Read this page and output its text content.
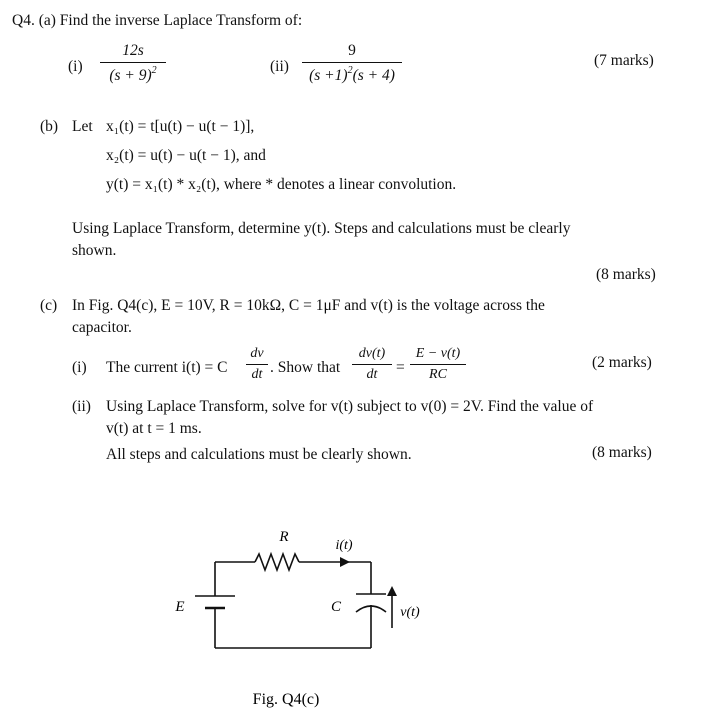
Q4. (a) Find the inverse Laplace Transform of:
(i)
12s
$(s + 9)^2$	(ii)
9
$(s +1)^2(s + 4)$
(7 marks)
(b) Let x₁(t) = t[u(t) − u(t − 1)],
x₂(t) = u(t) − u(t − 1), and
y(t) = x₁(t) * x₂(t), where * denotes a linear convolution.
Using Laplace Transform, determine y(t). Steps and calculations must be clearly
shown.
(8 marks)
(c) In Fig. Q4(c), E = 10V, R = 10kΩ, C = 1μF and v(t) is the voltage across the
capacitor.
(i) The current i(t) = C
dv
dt . Show that
dv(t)
dt	=
E − v(t)
RC
(2 marks)
(ii) Using Laplace Transform, solve for v(t) subject to v(0) = 2V. Find the value of
v(t) at t = 1 ms.
All steps and calculations must be clearly shown.	(8 marks)
R
i(t)
E	C	v(t)
Fig. Q4(c)
